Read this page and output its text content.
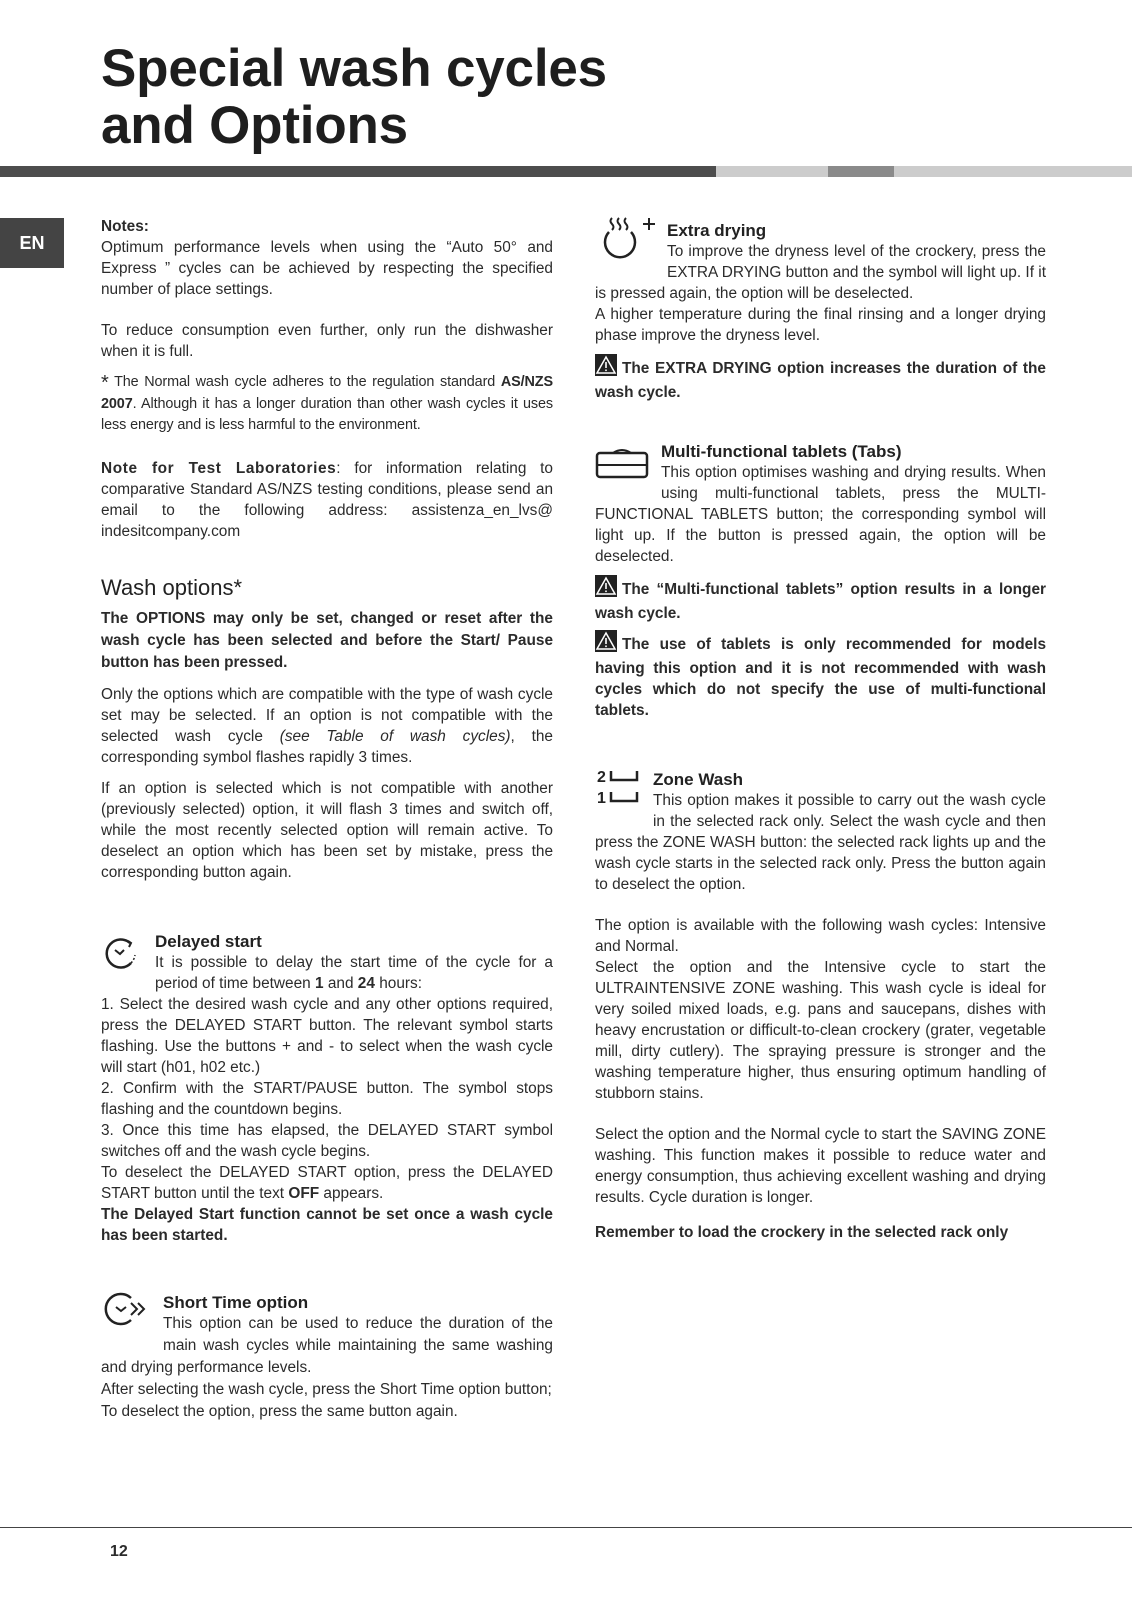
Special wash cycles
and Options
EN

Notes:

Optimum performance levels when using the “Auto 50° and Express ” cycles can be achieved by respecting the specified number of place settings.

To reduce consumption even further, only run the dishwasher when it is full.

* The Normal wash cycle adheres to the regulation standard AS/NZS 2007. Although it has a longer duration than other wash cycles it uses less energy and is less harmful to the environment.

Note for Test Laboratories: for information relating to comparative Standard AS/NZS testing conditions, please send an email to the following address: assistenza_en_lvs@ indesitcompany.com

Wash options*

The OPTIONS may only be set, changed or reset after the wash cycle has been selected and before the Start/ Pause button has been pressed.

Only the options which are compatible with the type of wash cycle set may be selected. If an option is not compatible with the selected wash cycle (see Table of wash cycles), the corresponding symbol flashes rapidly 3 times.

If an option is selected which is not compatible with another (previously selected) option, it will flash 3 times and switch off, while the most recently selected option will remain active. To deselect an option which has been set by mistake, press the corresponding button again.

Delayed start

It is possible to delay the start time of the cycle for a period of time between 1 and 24 hours:

1. Select the desired wash cycle and any other options required, press the DELAYED START button. The relevant symbol starts flashing. Use the buttons + and - to select when the wash cycle will start (h01, h02 etc.)

2. Confirm with the START/PAUSE button. The symbol stops flashing and the countdown begins.

3. Once this time has elapsed, the DELAYED START symbol switches off and the wash cycle begins.

To deselect the DELAYED START option, press the DELAYED START button until the text OFF appears.

The Delayed Start function cannot be set once a wash cycle has been started.

Short Time option

This option can be used to reduce the duration of the main wash cycles while maintaining the same washing and drying performance levels.

After selecting the wash cycle, press the Short Time option button;

To deselect the option, press the same button again.

Extra drying

To improve the dryness level of the crockery, press the EXTRA DRYING button and the symbol will light up. If it is pressed again, the option will be deselected.

A higher temperature during the final rinsing and a longer drying phase improve the dryness level.

The EXTRA DRYING option increases the duration of the wash cycle.

Multi-functional tablets (Tabs)

This option optimises washing and drying results. When using multi-functional tablets, press the MULTI-FUNCTIONAL TABLETS button; the corresponding symbol will light up. If the button is pressed again, the option will be deselected.

The “Multi-functional tablets” option results in a longer wash cycle.

The use of tablets is only recommended for models having this option and it is not recommended with wash cycles which do not specify the use of multi-functional tablets.

2
1

Zone Wash

This option makes it possible to carry out the wash cycle in the selected rack only. Select the wash cycle and then press the ZONE WASH button: the selected rack lights up and the wash cycle starts in the selected rack only. Press the button again to deselect the option.

The option is available with the following wash cycles: Intensive and Normal.

Select the option and the Intensive cycle to start the ULTRAINTENSIVE ZONE washing. This wash cycle is ideal for very soiled mixed loads, e.g. pans and saucepans, dishes with heavy encrustation or difficult-to-clean crockery (grater, vegetable mill, dirty cutlery). The spraying pressure is stronger and the washing temperature higher, thus ensuring optimum handling of stubborn stains.

Select the option and the Normal cycle to start the SAVING ZONE washing. This function makes it possible to reduce water and energy consumption, thus achieving excellent washing and drying results. Cycle duration is longer.

Remember to load the crockery in the selected rack only

12
